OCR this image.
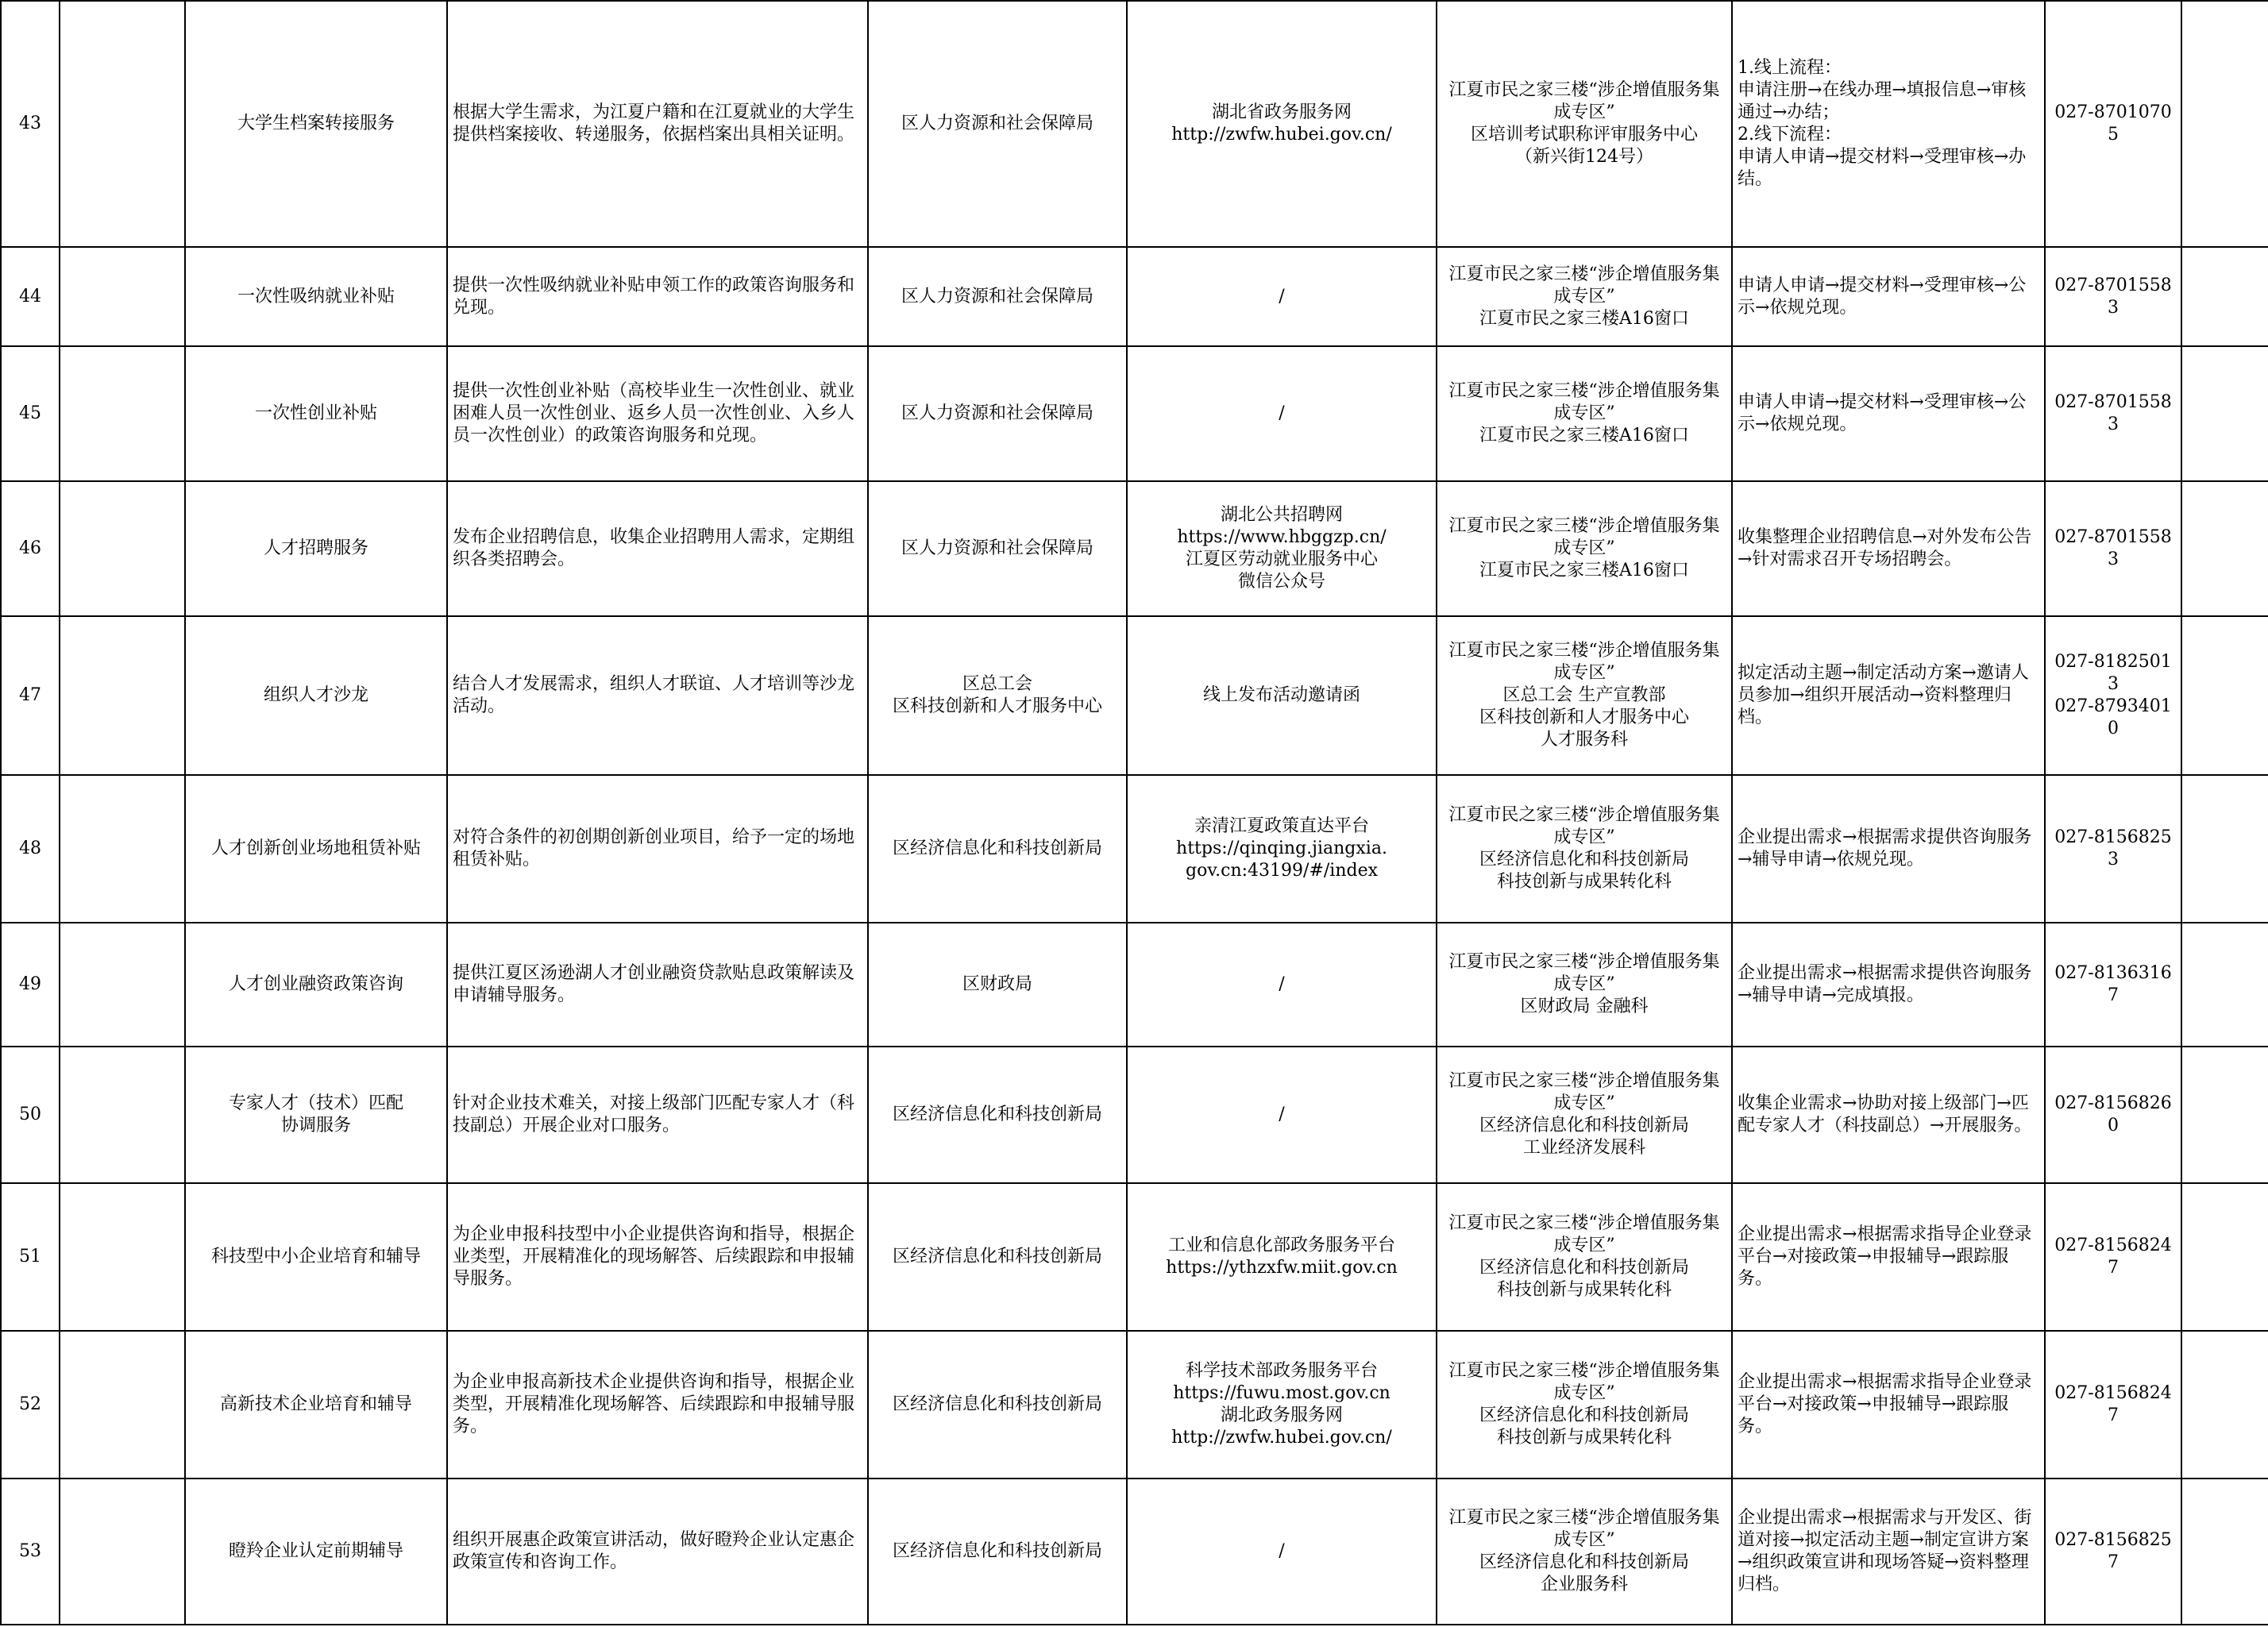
43		大学生档案转接服务	根据大学生需求，为江夏户籍和在江夏就业的大学生提供档案接收、转递服务，依据档案出具相关证明。	区人力资源和社会保障局	湖北省政务服务网
http://zwfw.hubei.gov.cn/	江夏市民之家三楼“涉企增值服务集成专区”
区培训考试职称评审服务中心
（新兴街124号）	1.线上流程：
申请注册→在线办理→填报信息→审核通过→办结；
2.线下流程：
申请人申请→提交材料→受理审核→办结。	027-87010705	
44		一次性吸纳就业补贴	提供一次性吸纳就业补贴申领工作的政策咨询服务和兑现。	区人力资源和社会保障局	/	江夏市民之家三楼“涉企增值服务集成专区”
江夏市民之家三楼A16窗口	申请人申请→提交材料→受理审核→公示→依规兑现。	027-87015583	
45		一次性创业补贴	提供一次性创业补贴（高校毕业生一次性创业、就业困难人员一次性创业、返乡人员一次性创业、入乡人员一次性创业）的政策咨询服务和兑现。	区人力资源和社会保障局	/	江夏市民之家三楼“涉企增值服务集成专区”
江夏市民之家三楼A16窗口	申请人申请→提交材料→受理审核→公示→依规兑现。	027-87015583	
46		人才招聘服务	发布企业招聘信息，收集企业招聘用人需求，定期组织各类招聘会。	区人力资源和社会保障局	湖北公共招聘网
https://www.hbggzp.cn/
江夏区劳动就业服务中心
微信公众号	江夏市民之家三楼“涉企增值服务集成专区”
江夏市民之家三楼A16窗口	收集整理企业招聘信息→对外发布公告→针对需求召开专场招聘会。	027-87015583	
47		组织人才沙龙	结合人才发展需求，组织人才联谊、人才培训等沙龙活动。	区总工会
区科技创新和人才服务中心	线上发布活动邀请函	江夏市民之家三楼“涉企增值服务集成专区”
区总工会 生产宣教部
区科技创新和人才服务中心
人才服务科	拟定活动主题→制定活动方案→邀请人员参加→组织开展活动→资料整理归档。	027-81825013
027-87934010	
48		人才创新创业场地租赁补贴	对符合条件的初创期创新创业项目，给予一定的场地租赁补贴。	区经济信息化和科技创新局	亲清江夏政策直达平台
https://qinqing.jiangxia.
gov.cn:43199/#/index	江夏市民之家三楼“涉企增值服务集成专区”
区经济信息化和科技创新局
科技创新与成果转化科	企业提出需求→根据需求提供咨询服务→辅导申请→依规兑现。	027-81568253	
49		人才创业融资政策咨询	提供江夏区汤逊湖人才创业融资贷款贴息政策解读及申请辅导服务。	区财政局	/	江夏市民之家三楼“涉企增值服务集成专区”
区财政局 金融科	企业提出需求→根据需求提供咨询服务→辅导申请→完成填报。	027-81363167	
50		专家人才（技术）匹配
协调服务	针对企业技术难关，对接上级部门匹配专家人才（科技副总）开展企业对口服务。	区经济信息化和科技创新局	/	江夏市民之家三楼“涉企增值服务集成专区”
区经济信息化和科技创新局
工业经济发展科	收集企业需求→协助对接上级部门→匹配专家人才（科技副总）→开展服务。	027-81568260	
51		科技型中小企业培育和辅导	为企业申报科技型中小企业提供咨询和指导，根据企业类型，开展精准化的现场解答、后续跟踪和申报辅导服务。	区经济信息化和科技创新局	工业和信息化部政务服务平台
https://ythzxfw.miit.gov.cn	江夏市民之家三楼“涉企增值服务集成专区”
区经济信息化和科技创新局
科技创新与成果转化科	企业提出需求→根据需求指导企业登录平台→对接政策→申报辅导→跟踪服务。	027-81568247	
52		高新技术企业培育和辅导	为企业申报高新技术企业提供咨询和指导，根据企业类型，开展精准化现场解答、后续跟踪和申报辅导服务。	区经济信息化和科技创新局	科学技术部政务服务平台
https://fuwu.most.gov.cn
湖北政务服务网
http://zwfw.hubei.gov.cn/	江夏市民之家三楼“涉企增值服务集成专区”
区经济信息化和科技创新局
科技创新与成果转化科	企业提出需求→根据需求指导企业登录平台→对接政策→申报辅导→跟踪服务。	027-81568247	
53		瞪羚企业认定前期辅导	组织开展惠企政策宣讲活动，做好瞪羚企业认定惠企政策宣传和咨询工作。	区经济信息化和科技创新局	/	江夏市民之家三楼“涉企增值服务集成专区”
区经济信息化和科技创新局
企业服务科	企业提出需求→根据需求与开发区、街道对接→拟定活动主题→制定宣讲方案→组织政策宣讲和现场答疑→资料整理归档。	027-81568257	
